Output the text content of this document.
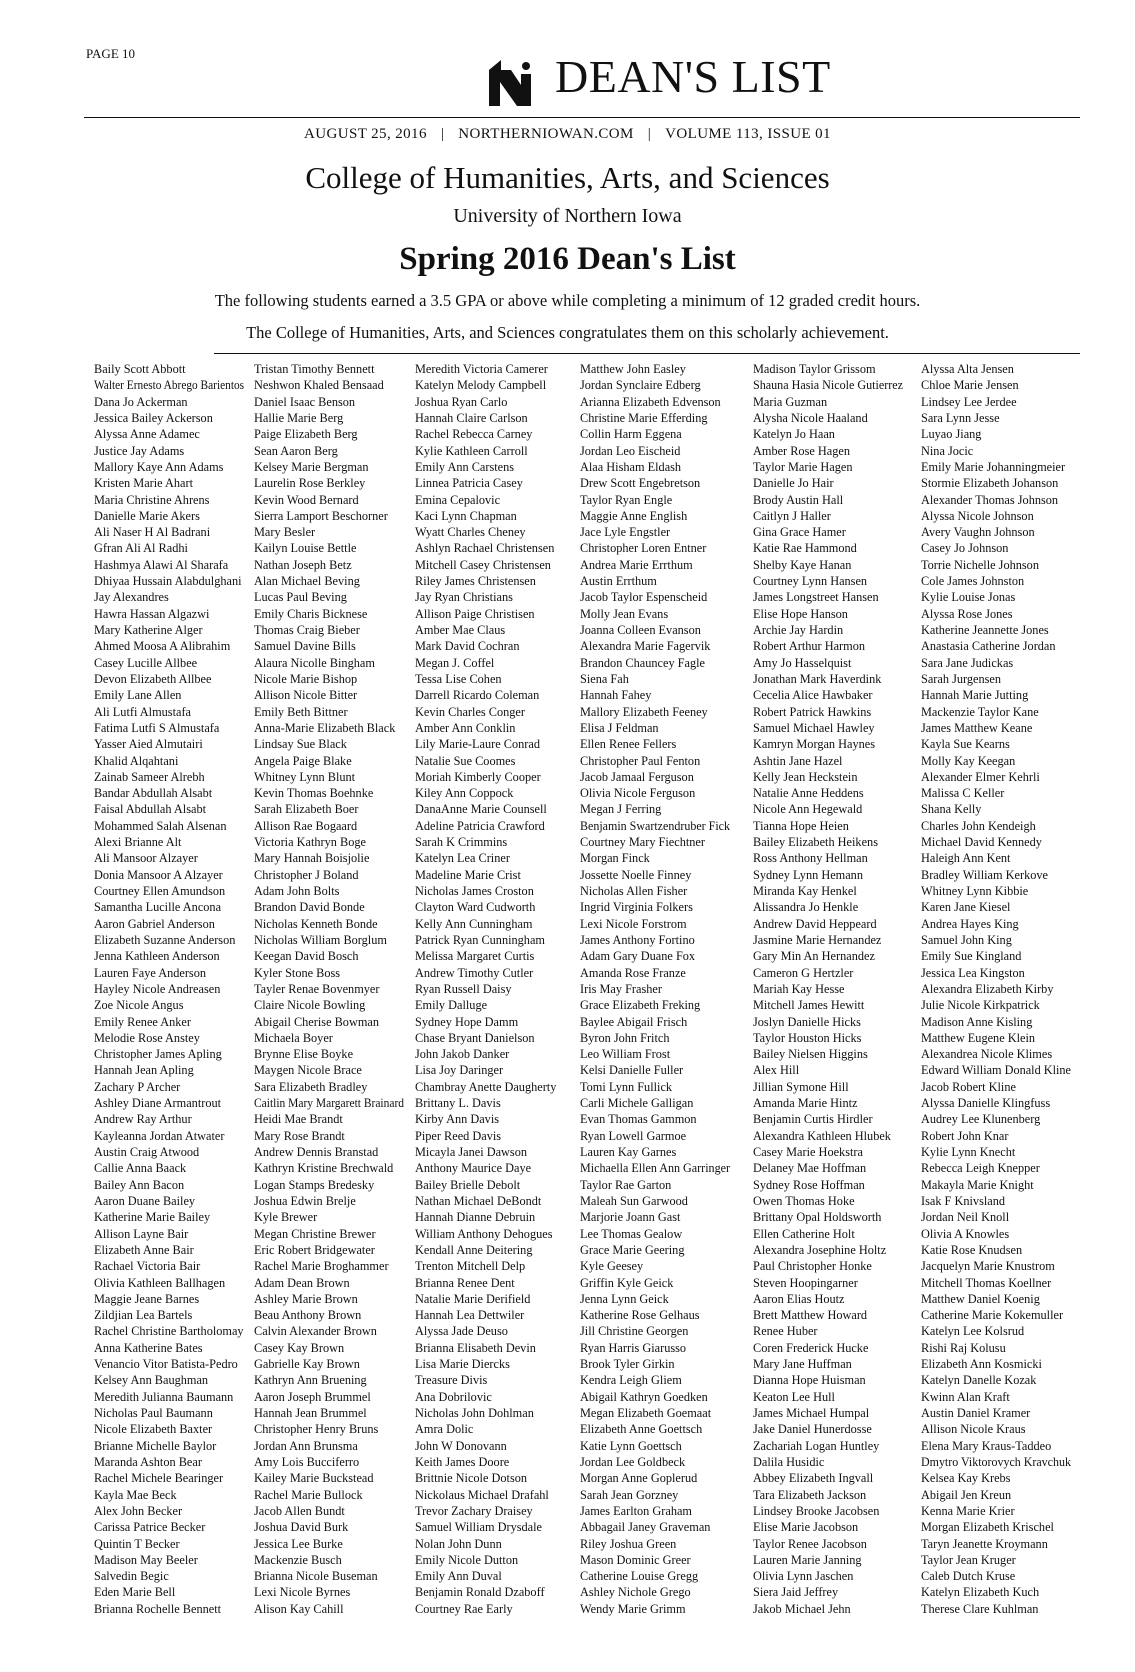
PAGE 10	DEAN'S LIST
AUGUST 25, 2016 | NORTHERNIOWAN.COM | VOLUME 113, ISSUE 01
College of Humanities, Arts, and Sciences
University of Northern Iowa
Spring 2016 Dean's List
The following students earned a 3.5 GPA or above while completing a minimum of 12 graded credit hours.
The College of Humanities, Arts, and Sciences congratulates them on this scholarly achievement.
Baily Scott Abbott
Walter Ernesto Abrego Barientos
Dana Jo Ackerman
Jessica Bailey Ackerson
Alyssa Anne Adamec
Justice Jay Adams
Mallory Kaye Ann Adams
Kristen Marie Ahart
Maria Christine Ahrens
Danielle Marie Akers
Ali Naser H Al Badrani
Gfran Ali Al Radhi
Hashmya Alawi Al Sharafa
Dhiyaa Hussain Alabdulghani
Jay Alexandres
Hawra Hassan Algazwi
Mary Katherine Alger
Ahmed Moosa A Alibrahim
Casey Lucille Allbee
Devon Elizabeth Allbee
Emily Lane Allen
Ali Lutfi Almustafa
Fatima Lutfi S Almustafa
Yasser Aied Almutairi
Khalid Alqahtani
Zainab Sameer Alrebh
Bandar Abdullah Alsabt
Faisal Abdullah Alsabt
Mohammed Salah Alsenan
Alexi Brianne Alt
Ali Mansoor Alzayer
Donia Mansoor A Alzayer
Courtney Ellen Amundson
Samantha Lucille Ancona
Aaron Gabriel Anderson
Elizabeth Suzanne Anderson
Jenna Kathleen Anderson
Lauren Faye Anderson
Hayley Nicole Andreasen
Zoe Nicole Angus
Emily Renee Anker
Melodie Rose Anstey
Christopher James Apling
Hannah Jean Apling
Zachary P Archer
Ashley Diane Armantrout
Andrew Ray Arthur
Kayleanna Jordan Atwater
Austin Craig Atwood
Callie Anna Baack
Bailey Ann Bacon
Aaron Duane Bailey
Katherine Marie Bailey
Allison Layne Bair
Elizabeth Anne Bair
Rachael Victoria Bair
Olivia Kathleen Ballhagen
Maggie Jeane Barnes
Zildjian Lea Bartels
Rachel Christine Bartholomay
Anna Katherine Bates
Venancio Vitor Batista-Pedro
Kelsey Ann Baughman
Meredith Julianna Baumann
Nicholas Paul Baumann
Nicole Elizabeth Baxter
Brianne Michelle Baylor
Maranda Ashton Bear
Rachel Michele Bearinger
Kayla Mae Beck
Alex John Becker
Carissa Patrice Becker
Quintin T Becker
Madison May Beeler
Salvedin Begic
Eden Marie Bell
Brianna Rochelle Bennett
Tristan Timothy Bennett
Neshwon Khaled Bensaad
Daniel Isaac Benson
Hallie Marie Berg
Paige Elizabeth Berg
Sean Aaron Berg
Kelsey Marie Bergman
Laurelin Rose Berkley
Kevin Wood Bernard
Sierra Lamport Beschorner
Mary Besler
Kailyn Louise Bettle
Nathan Joseph Betz
Alan Michael Beving
Lucas Paul Beving
Emily Charis Bicknese
Thomas Craig Bieber
Samuel Davine Bills
Alaura Nicolle Bingham
Nicole Marie Bishop
Allison Nicole Bitter
Emily Beth Bittner
Anna-Marie Elizabeth Black
Lindsay Sue Black
Angela Paige Blake
Whitney Lynn Blunt
Kevin Thomas Boehnke
Sarah Elizabeth Boer
Allison Rae Bogaard
Victoria Kathryn Boge
Mary Hannah Boisjolie
Christopher J Boland
Adam John Bolts
Brandon David Bonde
Nicholas Kenneth Bonde
Nicholas William Borglum
Keegan David Bosch
Kyler Stone Boss
Tayler Renae Bovenmyer
Claire Nicole Bowling
Abigail Cherise Bowman
Michaela Boyer
Brynne Elise Boyke
Maygen Nicole Brace
Sara Elizabeth Bradley
Caitlin Mary Margarett Brainard
Heidi Mae Brandt
Mary Rose Brandt
Andrew Dennis Branstad
Kathryn Kristine Brechwald
Logan Stamps Bredesky
Joshua Edwin Brelje
Kyle Brewer
Megan Christine Brewer
Eric Robert Bridgewater
Rachel Marie Broghammer
Adam Dean Brown
Ashley Marie Brown
Beau Anthony Brown
Calvin Alexander Brown
Casey Kay Brown
Gabrielle Kay Brown
Kathryn Ann Bruening
Aaron Joseph Brummel
Hannah Jean Brummel
Christopher Henry Bruns
Jordan Ann Brunsma
Amy Lois Bucciferro
Kailey Marie Buckstead
Rachel Marie Bullock
Jacob Allen Bundt
Joshua David Burk
Jessica Lee Burke
Mackenzie Busch
Brianna Nicole Buseman
Lexi Nicole Byrnes
Alison Kay Cahill
Meredith Victoria Camerer
Katelyn Melody Campbell
Joshua Ryan Carlo
Hannah Claire Carlson
Rachel Rebecca Carney
Kylie Kathleen Carroll
Emily Ann Carstens
Linnea Patricia Casey
Emina Cepalovic
Kaci Lynn Chapman
Wyatt Charles Cheney
Ashlyn Rachael Christensen
Mitchell Casey Christensen
Riley James Christensen
Jay Ryan Christians
Allison Paige Christisen
Amber Mae Claus
Mark David Cochran
Megan J. Coffel
Tessa Lise Cohen
Darrell Ricardo Coleman
Kevin Charles Conger
Amber Ann Conklin
Lily Marie-Laure Conrad
Natalie Sue Coomes
Moriah Kimberly Cooper
Kiley Ann Coppock
DanaAnne Marie Counsell
Adeline Patricia Crawford
Sarah K Crimmins
Katelyn Lea Criner
Madeline Marie Crist
Nicholas James Croston
Clayton Ward Cudworth
Kelly Ann Cunningham
Patrick Ryan Cunningham
Melissa Margaret Curtis
Andrew Timothy Cutler
Ryan Russell Daisy
Emily Dalluge
Sydney Hope Damm
Chase Bryant Danielson
John Jakob Danker
Lisa Joy Daringer
Chambray Anette Daugherty
Brittany L. Davis
Kirby Ann Davis
Piper Reed Davis
Micayla Janei Dawson
Anthony Maurice Daye
Bailey Brielle Debolt
Nathan Michael DeBondt
Hannah Dianne Debruin
William Anthony Dehogues
Kendall Anne Deitering
Trenton Mitchell Delp
Brianna Renee Dent
Natalie Marie Derifield
Hannah Lea Dettwiler
Alyssa Jade Deuso
Brianna Elisabeth Devin
Lisa Marie Diercks
Treasure Divis
Ana Dobrilovic
Nicholas John Dohlman
Amra Dolic
John W Donovann
Keith James Doore
Brittnie Nicole Dotson
Nickolaus Michael Drafahl
Trevor Zachary Draisey
Samuel William Drysdale
Nolan John Dunn
Emily Nicole Dutton
Emily Ann Duval
Benjamin Ronald Dzaboff
Courtney Rae Early
Matthew John Easley
Jordan Synclaire Edberg
Arianna Elizabeth Edvenson
Christine Marie Efferding
Collin Harm Eggena
Jordan Leo Eischeid
Alaa Hisham Eldash
Drew Scott Engebretson
Taylor Ryan Engle
Maggie Anne English
Jace Lyle Engstler
Christopher Loren Entner
Andrea Marie Errthum
Austin Errthum
Jacob Taylor Espenscheid
Molly Jean Evans
Joanna Colleen Evanson
Alexandra Marie Fagervik
Brandon Chauncey Fagle
Siena Fah
Hannah Fahey
Mallory Elizabeth Feeney
Elisa J Feldman
Ellen Renee Fellers
Christopher Paul Fenton
Jacob Jamaal Ferguson
Olivia Nicole Ferguson
Megan J Ferring
Benjamin Swartzendruber Fick
Courtney Mary Fiechtner
Morgan Finck
Jossette Noelle Finney
Nicholas Allen Fisher
Ingrid Virginia Folkers
Lexi Nicole Forstrom
James Anthony Fortino
Adam Gary Duane Fox
Amanda Rose Franze
Iris May Frasher
Grace Elizabeth Freking
Baylee Abigail Frisch
Byron John Fritch
Leo William Frost
Kelsi Danielle Fuller
Tomi Lynn Fullick
Carli Michele Galligan
Evan Thomas Gammon
Ryan Lowell Garmoe
Lauren Kay Garnes
Michaella Ellen Ann Garringer
Taylor Rae Garton
Maleah Sun Garwood
Marjorie Joann Gast
Lee Thomas Gealow
Grace Marie Geering
Kyle Geesey
Griffin Kyle Geick
Jenna Lynn Geick
Katherine Rose Gelhaus
Jill Christine Georgen
Ryan Harris Giarusso
Brook Tyler Girkin
Kendra Leigh Gliem
Abigail Kathryn Goedken
Megan Elizabeth Goemaat
Elizabeth Anne Goettsch
Katie Lynn Goettsch
Jordan Lee Goldbeck
Morgan Anne Goplerud
Sarah Jean Gorzney
James Earlton Graham
Abbagail Janey Graveman
Riley Joshua Green
Mason Dominic Greer
Catherine Louise Gregg
Ashley Nichole Grego
Wendy Marie Grimm
Madison Taylor Grissom
Shauna Hasia Nicole Gutierrez
Maria Guzman
Alysha Nicole Haaland
Katelyn Jo Haan
Amber Rose Hagen
Taylor Marie Hagen
Danielle Jo Hair
Brody Austin Hall
Caitlyn J Haller
Gina Grace Hamer
Katie Rae Hammond
Shelby Kaye Hanan
Courtney Lynn Hansen
James Longstreet Hansen
Elise Hope Hanson
Archie Jay Hardin
Robert Arthur Harmon
Amy Jo Hasselquist
Jonathan Mark Haverdink
Cecelia Alice Hawbaker
Robert Patrick Hawkins
Samuel Michael Hawley
Kamryn Morgan Haynes
Ashtin Jane Hazel
Kelly Jean Heckstein
Natalie Anne Heddens
Nicole Ann Hegewald
Tianna Hope Heien
Bailey Elizabeth Heikens
Ross Anthony Hellman
Sydney Lynn Hemann
Miranda Kay Henkel
Alissandra Jo Henkle
Andrew David Heppeard
Jasmine Marie Hernandez
Gary Min An Hernandez
Cameron G Hertzler
Mariah Kay Hesse
Mitchell James Hewitt
Joslyn Danielle Hicks
Taylor Houston Hicks
Bailey Nielsen Higgins
Alex Hill
Jillian Symone Hill
Amanda Marie Hintz
Benjamin Curtis Hirdler
Alexandra Kathleen Hlubek
Casey Marie Hoekstra
Delaney Mae Hoffman
Sydney Rose Hoffman
Owen Thomas Hoke
Brittany Opal Holdsworth
Ellen Catherine Holt
Alexandra Josephine Holtz
Paul Christopher Honke
Steven Hoopingarner
Aaron Elias Houtz
Brett Matthew Howard
Renee Huber
Coren Frederick Hucke
Mary Jane Huffman
Dianna Hope Huisman
Keaton Lee Hull
James Michael Humpal
Jake Daniel Hunerdosse
Zachariah Logan Huntley
Dalila Husidic
Abbey Elizabeth Ingvall
Tara Elizabeth Jackson
Lindsey Brooke Jacobsen
Elise Marie Jacobson
Taylor Renee Jacobson
Lauren Marie Janning
Olivia Lynn Jaschen
Siera Jaid Jeffrey
Jakob Michael Jehn
Alyssa Alta Jensen
Chloe Marie Jensen
Lindsey Lee Jerdee
Sara Lynn Jesse
Luyao Jiang
Nina Jocic
Emily Marie Johanningmeier
Stormie Elizabeth Johanson
Alexander Thomas Johnson
Alyssa Nicole Johnson
Avery Vaughn Johnson
Casey Jo Johnson
Torrie Nichelle Johnson
Cole James Johnston
Kylie Louise Jonas
Alyssa Rose Jones
Katherine Jeannette Jones
Anastasia Catherine Jordan
Sara Jane Judickas
Sarah Jurgensen
Hannah Marie Jutting
Mackenzie Taylor Kane
James Matthew Keane
Kayla Sue Kearns
Molly Kay Keegan
Alexander Elmer Kehrli
Malissa C Keller
Shana Kelly
Charles John Kendeigh
Michael David Kennedy
Haleigh Ann Kent
Bradley William Kerkove
Whitney Lynn Kibbie
Karen Jane Kiesel
Andrea Hayes King
Samuel John King
Emily Sue Kingland
Jessica Lea Kingston
Alexandra Elizabeth Kirby
Julie Nicole Kirkpatrick
Madison Anne Kisling
Matthew Eugene Klein
Alexandrea Nicole Klimes
Edward William Donald Kline
Jacob Robert Kline
Alyssa Danielle Klingfuss
Audrey Lee Klunenberg
Robert John Knar
Kylie Lynn Knecht
Rebecca Leigh Knepper
Makayla Marie Knight
Isak F Knivsland
Jordan Neil Knoll
Olivia A Knowles
Katie Rose Knudsen
Jacquelyn Marie Knustrom
Mitchell Thomas Koellner
Matthew Daniel Koenig
Catherine Marie Kokemuller
Katelyn Lee Kolsrud
Rishi Raj Kolusu
Elizabeth Ann Kosmicki
Katelyn Danelle Kozak
Kwinn Alan Kraft
Austin Daniel Kramer
Allison Nicole Kraus
Elena Mary Kraus-Taddeo
Dmytro Viktorovych Kravchuk
Kelsea Kay Krebs
Abigail Jen Kreun
Kenna Marie Krier
Morgan Elizabeth Krischel
Taryn Jeanette Kroymann
Taylor Jean Kruger
Caleb Dutch Kruse
Katelyn Elizabeth Kuch
Therese Clare Kuhlman
